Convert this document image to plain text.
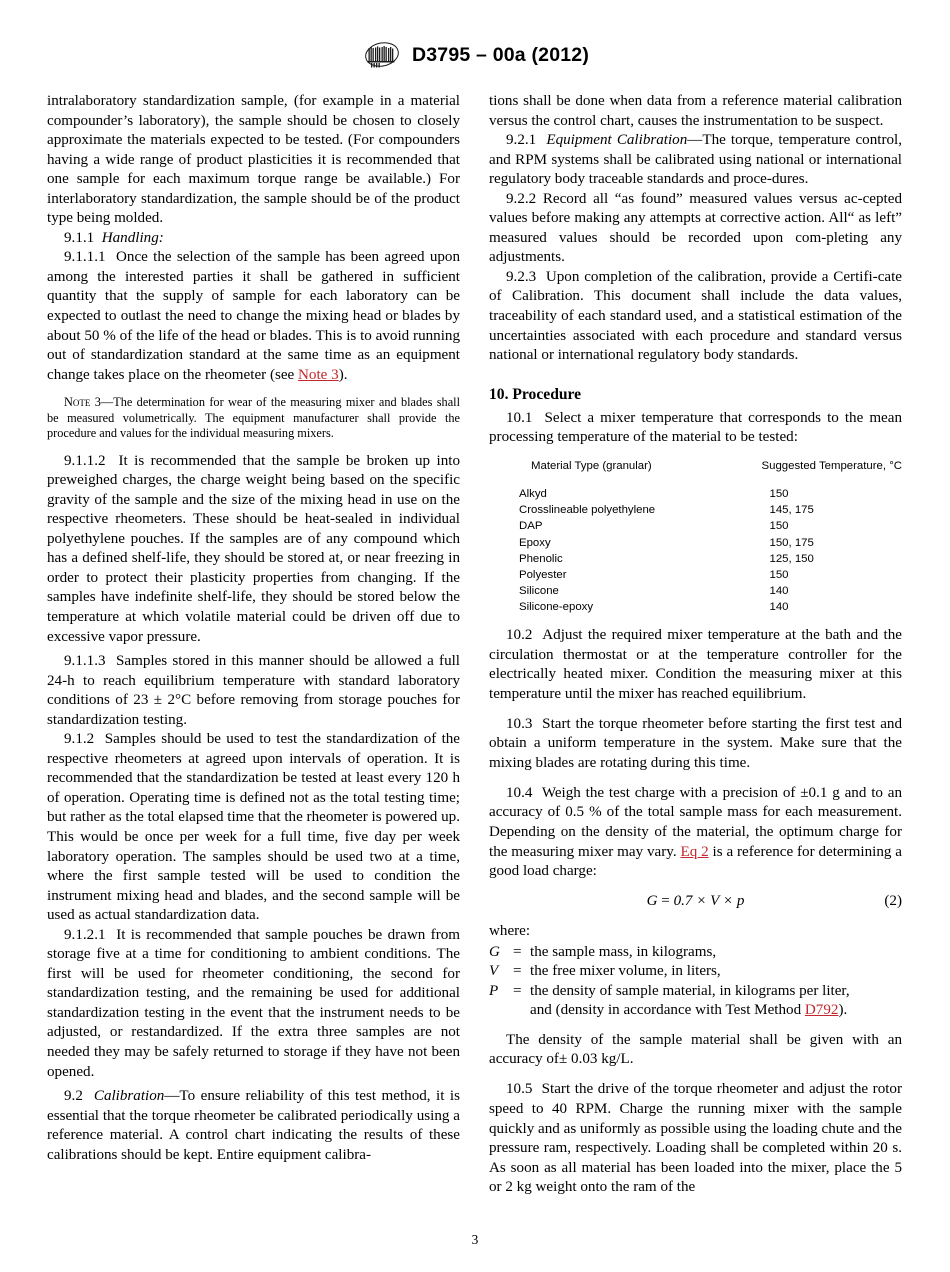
D3795 – 00a (2012)

intralaboratory standardization sample, (for example in a material compounder’s laboratory), the sample should be chosen to closely approximate the materials expected to be tested. (For compounders having a wide range of product plasticities it is recommended that one sample for each maximum torque range be available.) For interlaboratory standardization, the sample should be of the product type being molded.

9.1.1 Handling:

9.1.1.1 Once the selection of the sample has been agreed upon among the interested parties it shall be gathered in sufficient quantity that the supply of sample for each laboratory can be expected to outlast the need to change the mixing head or blades by about 50 % of the life of the head or blades. This is to avoid running out of standardization standard at the same time as an equipment change takes place on the rheometer (see Note 3).

Note 3—The determination for wear of the measuring mixer and blades shall be measured volumetrically. The equipment manufacturer shall provide the procedure and values for the individual measuring mixers.

9.1.1.2 It is recommended that the sample be broken up into preweighed charges, the charge weight being based on the specific gravity of the sample and the size of the mixing head in use on the respective rheometers. These should be heat-sealed in individual polyethylene pouches. If the samples are of any compound which has a defined shelf-life, they should be stored at, or near freezing in order to protect their plasticity properties from changing. If the samples have indefinite shelf-life, they should be stored below the temperature at which volatile material could be driven off due to excessive vapor pressure.

9.1.1.3 Samples stored in this manner should be allowed a full 24-h to reach equilibrium temperature with standard laboratory conditions of 23 ± 2°C before removing from storage pouches for standardization testing.

9.1.2 Samples should be used to test the standardization of the respective rheometers at agreed upon intervals of operation. It is recommended that the standardization be tested at least every 120 h of operation. Operating time is defined not as the total testing time; but rather as the total elapsed time that the rheometer is powered up. This would be once per week for a full time, five day per week laboratory operation. The samples should be used two at a time, where the first sample tested will be used to condition the instrument mixing head and blades, and the second sample will be used as actual standardization data.

9.1.2.1 It is recommended that sample pouches be drawn from storage five at a time for conditioning to ambient conditions. The first will be used for rheometer conditioning, the second for standardization testing, and the remaining be used for additional standardization testing in the event that the instrument needs to be adjusted, or restandardized. If the extra three samples are not needed they may be safely returned to storage if they have not been opened.

9.2 Calibration—To ensure reliability of this test method, it is essential that the torque rheometer be calibrated periodically using a reference material. A control chart indicating the results of these calibrations should be kept. Entire equipment calibra-

tions shall be done when data from a reference material calibration versus the control chart, causes the instrumentation to be suspect.

9.2.1 Equipment Calibration—The torque, temperature control, and RPM systems shall be calibrated using national or international regulatory body traceable standards and proce-dures.

9.2.2 Record all “as found” measured values versus ac-cepted values before making any attempts at corrective action. All“ as left” measured values should be recorded upon com-pleting any adjustments.

9.2.3 Upon completion of the calibration, provide a Certifi-cate of Calibration. This document shall include the data values, traceability of each standard used, and a statistical estimation of the uncertainties associated with each procedure and standard versus national or international regulatory body standards.

10. Procedure

10.1 Select a mixer temperature that corresponds to the mean processing temperature of the material to be tested:

Material Type (granular)	Suggested Temperature, °C
Alkyd	150
Crosslineable polyethylene	145, 175
DAP	150
Epoxy	150, 175
Phenolic	125, 150
Polyester	150
Silicone	140
Silicone-epoxy	140

10.2 Adjust the required mixer temperature at the bath and the circulation thermostat or at the temperature controller for the electrically heated mixer. Condition the measuring mixer at this temperature until the mixer has reached equilibrium.

10.3 Start the torque rheometer before starting the first test and obtain a uniform temperature in the system. Make sure that the mixing blades are rotating during this time.

10.4 Weigh the test charge with a precision of ±0.1 g and to an accuracy of 0.5 % of the total sample mass for each measurement. Depending on the density of the material, the optimum charge for the measuring mixer may vary. Eq 2 is a reference for determining a good load charge:

G = 0.7 × V × p	(2)

where:

G = the sample mass, in kilograms,
V = the free mixer volume, in liters,
P = the density of sample material, in kilograms per liter,
and (density in accordance with Test Method D792).

The density of the sample material shall be given with an accuracy of± 0.03 kg/L.

10.5 Start the drive of the torque rheometer and adjust the rotor speed to 40 RPM. Charge the running mixer with the sample quickly and as uniformly as possible using the loading chute and the pressure ram, respectively. Loading shall be completed within 20 s. As soon as all material has been loaded into the mixer, place the 5 or 2 kg weight onto the ram of the

3
